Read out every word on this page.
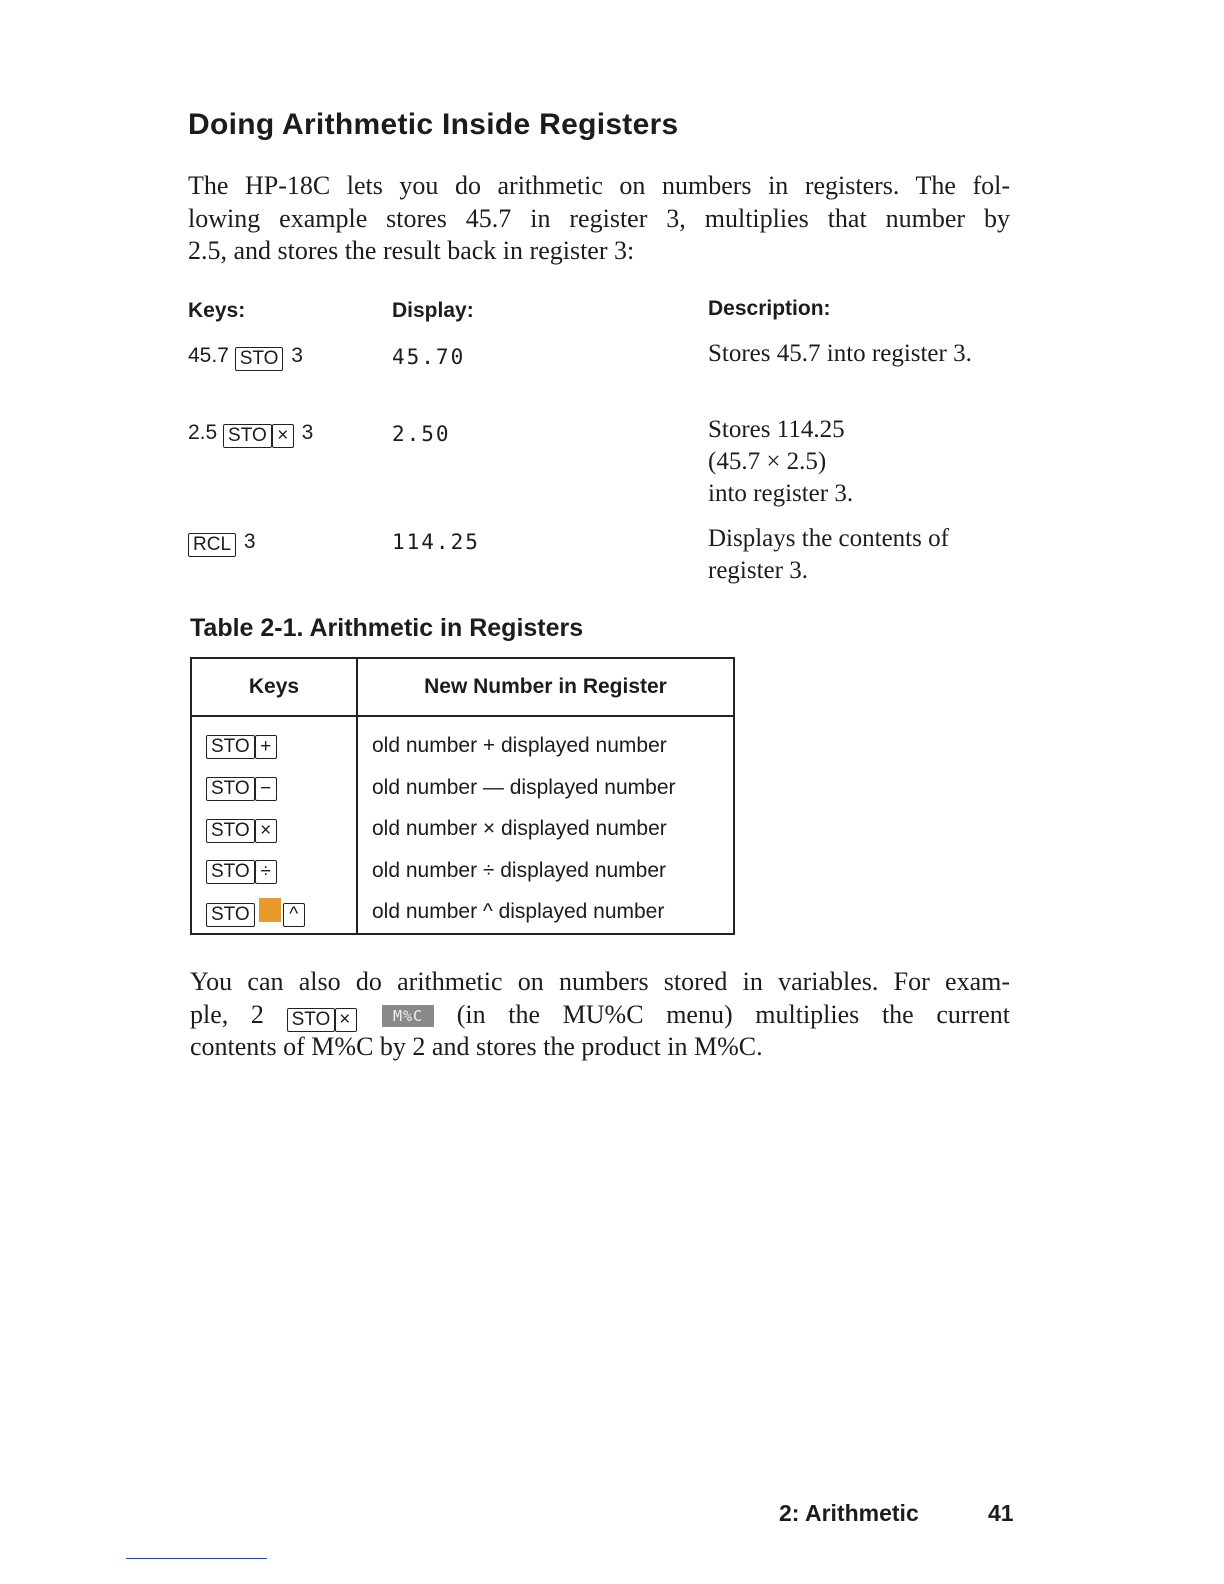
Doing Arithmetic Inside Registers
The HP-18C lets you do arithmetic on numbers in registers. The fol-
lowing example stores 45.7 in register 3, multiplies that number by
2.5, and stores the result back in register 3:
Keys:	Display:	Description:
45.7 STO 3	45.70	Stores 45.7 into register 3.
2.5 STO × 3	2.50	Stores 114.25
(45.7 × 2.5)
into register 3.
RCL 3	114.25	Displays the contents of register 3.
Table 2-1. Arithmetic in Registers
Keys	New Number in Register
STO +	old number + displayed number
STO −	old number — displayed number
STO ×	old number × displayed number
STO ÷	old number ÷ displayed number
STO ^	old number ^ displayed number
You can also do arithmetic on numbers stored in variables. For exam-
ple, 2 STO ×	M%C (in the MU%C menu) multiplies the current
contents of M%C by 2 and stores the product in M%C.
2: Arithmetic	41
